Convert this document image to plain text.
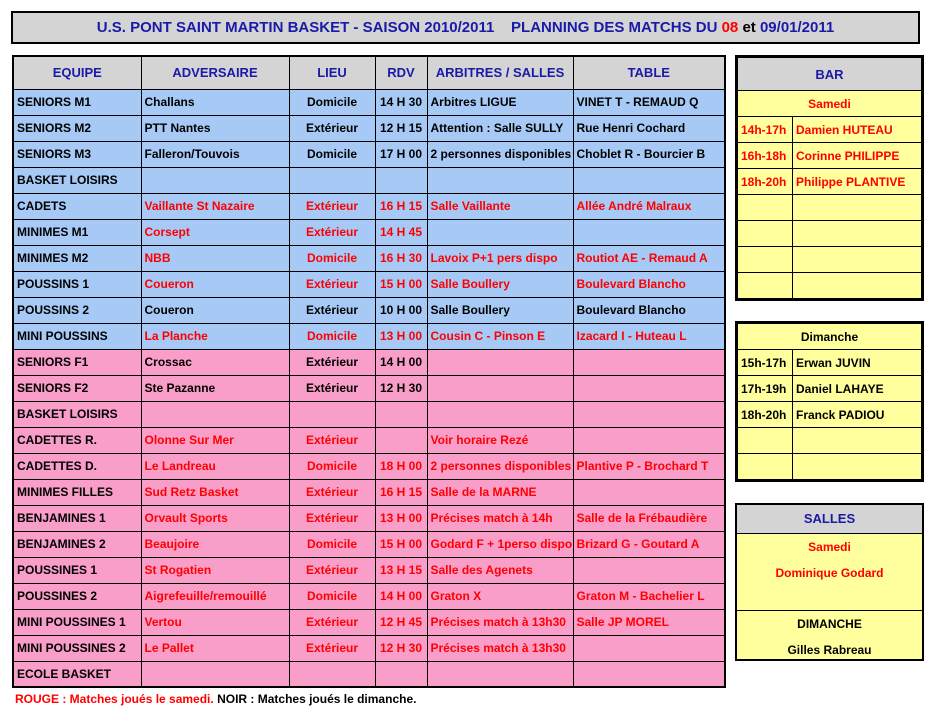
U.S. PONT SAINT MARTIN BASKET - SAISON 2010/2011    PLANNING DES MATCHS DU 08 et 09/01/2011
EQUIPE	ADVERSAIRE	LIEU	RDV	ARBITRES / SALLES	TABLE
SENIORS M1	Challans	Domicile	14 H 30	Arbitres LIGUE	VINET T - REMAUD Q
SENIORS M2	PTT Nantes	Extérieur	12 H 15	Attention : Salle SULLY	Rue Henri Cochard
SENIORS M3	Falleron/Touvois	Domicile	17 H 00	2 personnes disponibles	Choblet R - Bourcier B
BASKET LOISIRS					
CADETS	Vaillante St Nazaire	Extérieur	16 H 15	Salle Vaillante	Allée André Malraux
MINIMES M1	Corsept	Extérieur	14 H 45		
MINIMES M2	NBB	Domicile	16 H 30	Lavoix P+1 pers dispo	Routiot AE - Remaud A
POUSSINS 1	Coueron	Extérieur	15 H 00	Salle Boullery	Boulevard Blancho
POUSSINS 2	Coueron	Extérieur	10 H 00	Salle Boullery	Boulevard Blancho
MINI POUSSINS	La Planche	Domicile	13 H 00	Cousin C - Pinson E	Izacard I - Huteau L
SENIORS F1	Crossac	Extérieur	14 H 00		
SENIORS F2	Ste Pazanne	Extérieur	12 H 30		
BASKET LOISIRS					
CADETTES R.	Olonne Sur Mer	Extérieur		Voir horaire Rezé	
CADETTES D.	Le Landreau	Domicile	18 H 00	2 personnes disponibles	Plantive P - Brochard T
MINIMES FILLES	Sud Retz Basket	Extérieur	16 H 15	Salle de la MARNE	
BENJAMINES 1	Orvault Sports	Extérieur	13 H 00	Précises match à 14h	Salle de la Frébaudière
BENJAMINES 2	Beaujoire	Domicile	15 H 00	Godard F + 1perso dispo	Brizard G - Goutard A
POUSSINES 1	St Rogatien	Extérieur	13 H 15	Salle des Agenets	
POUSSINES 2	Aigrefeuille/remouillé	Domicile	14 H 00	Graton X	Graton M - Bachelier L
MINI POUSSINES 1	Vertou	Extérieur	12 H 45	Précises match à 13h30	Salle JP MOREL
MINI POUSSINES 2	Le Pallet	Extérieur	12 H 30	Précises match à 13h30	
ECOLE BASKET					
BAR	
Samedi	
14h-17h	Damien HUTEAU
16h-18h	Corinne PHILIPPE
18h-20h	Philippe PLANTIVE

Dimanche	
15h-17h	Erwan JUVIN
17h-19h	Daniel LAHAYE
18h-20h	Franck PADIOU

SALLES
Samedi
Dominique Godard
DIMANCHE
Gilles Rabreau
ROUGE : Matches joués le samedi. NOIR : Matches joués le dimanche.
